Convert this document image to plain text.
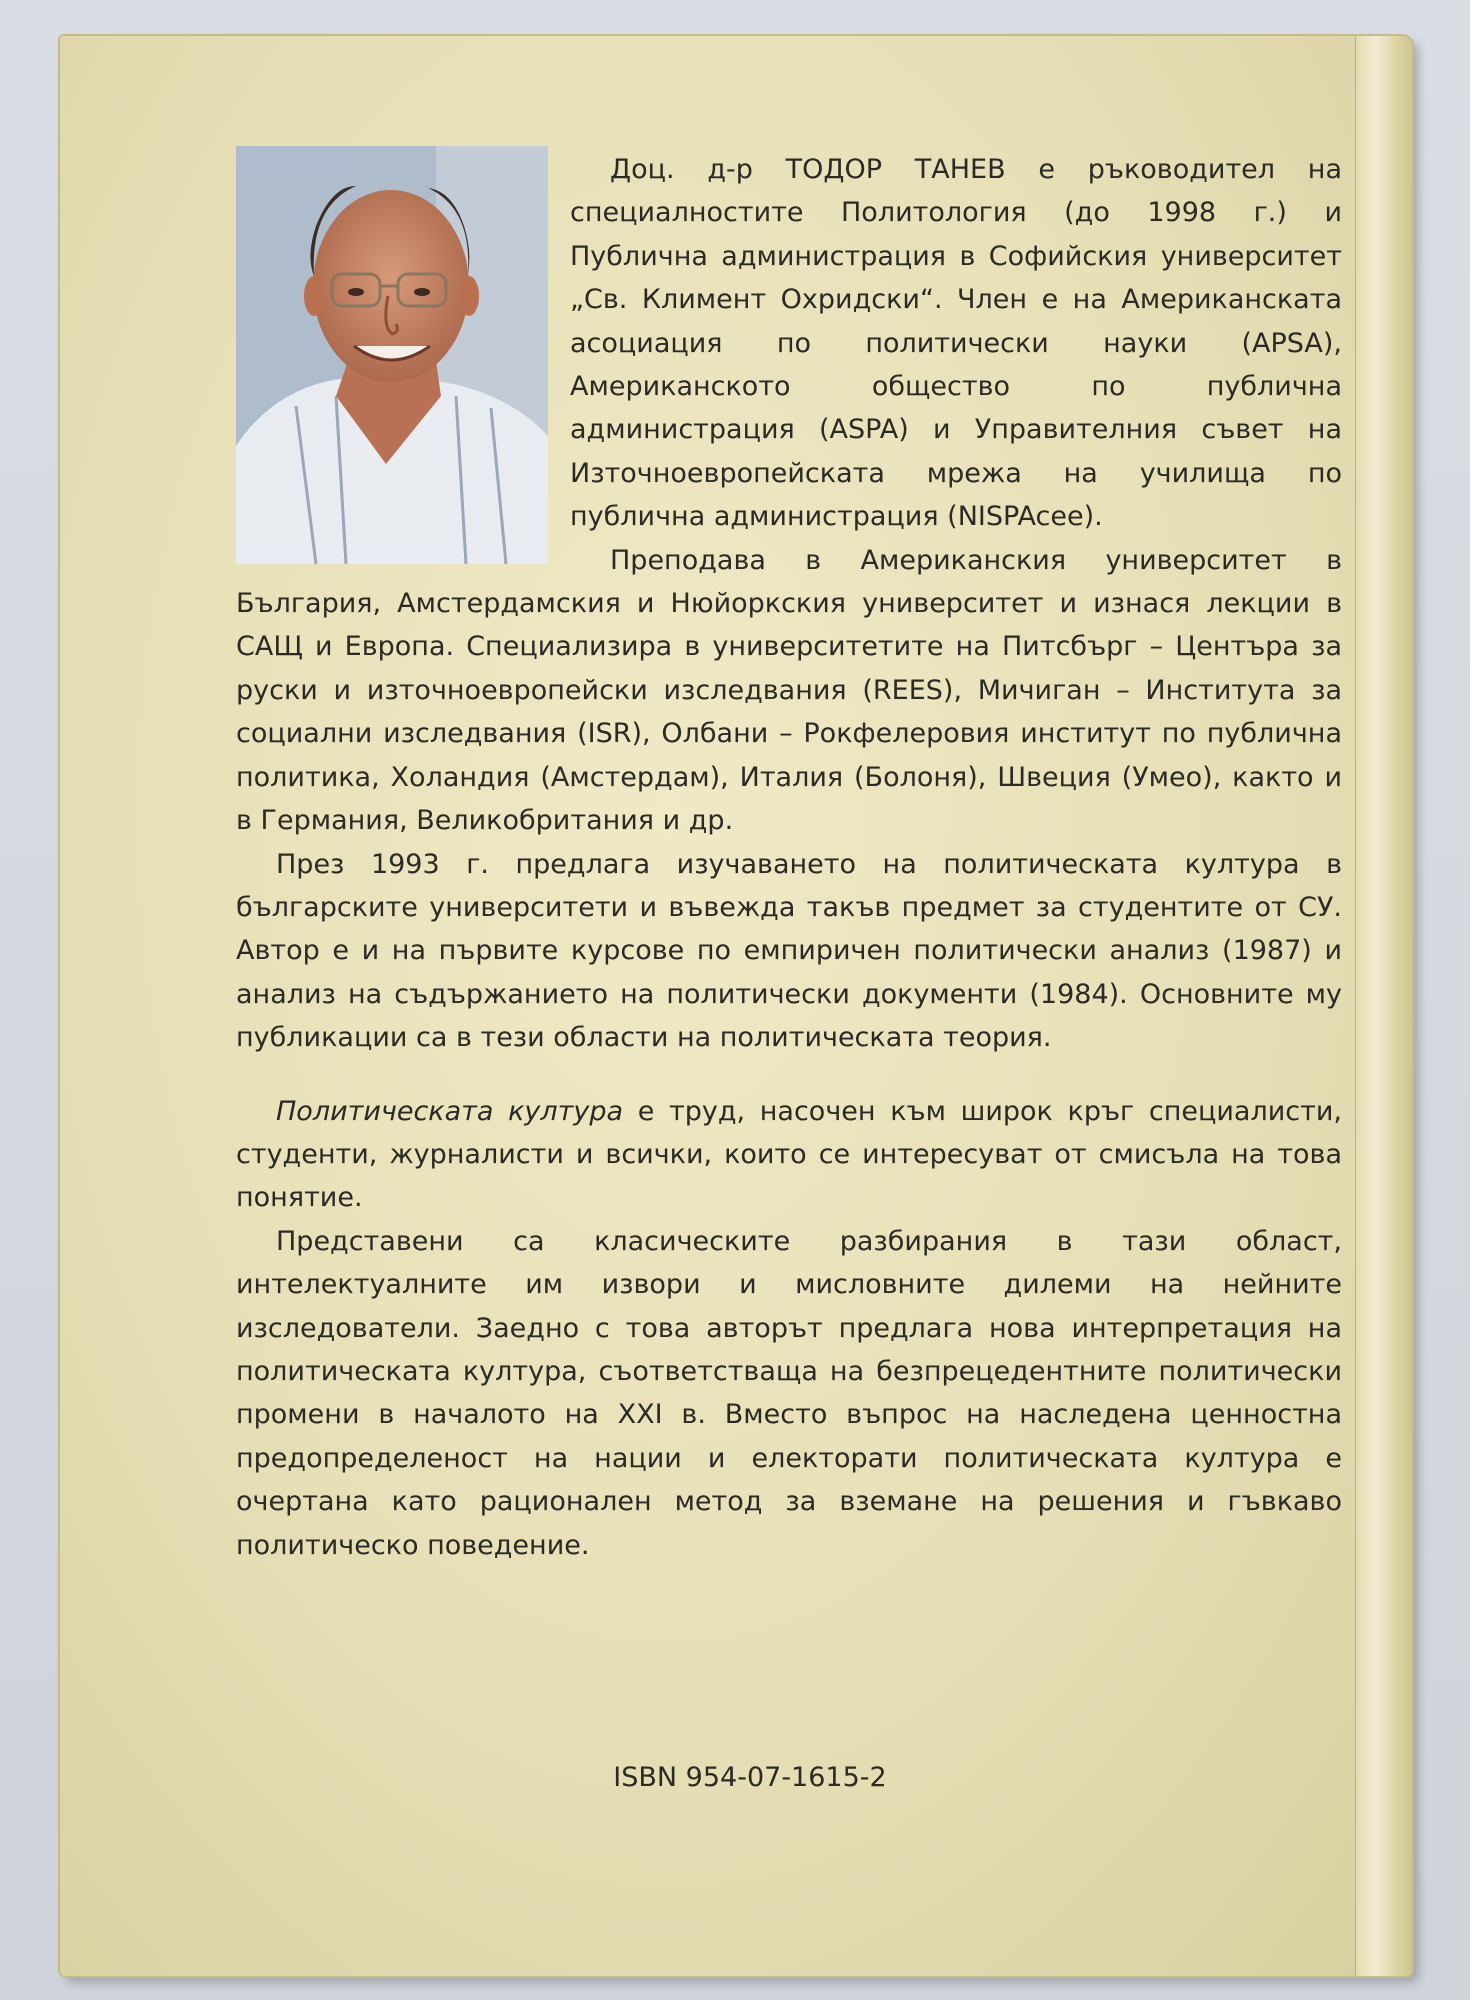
Доц. д-р ТОДОР ТАНЕВ е ръководител на специалностите Политология (до 1998 г.) и Публична администрация в Софийския университет „Св. Климент Охридски“. Член е на Американската асоциация по политически науки (APSA), Американското общество по публична администрация (ASPA) и Управителния съвет на Източноевропейската мрежа на училища по публична администрация (NISPAcee).

Преподава в Американския университет в България, Амстердамския и Нюйоркския университет и изнася лекции в САЩ и Европа. Специализира в университетите на Питсбърг – Центъра за руски и източноевропейски изследвания (REES), Мичиган – Института за социални изследвания (ISR), Олбани – Рокфелеровия институт по публична политика, Холандия (Амстердам), Италия (Болоня), Швеция (Умео), както и в Германия, Великобритания и др.

През 1993 г. предлага изучаването на политическата култура в българските университети и въвежда такъв предмет за студентите от СУ. Автор е и на първите курсове по емпиричен политически анализ (1987) и анализ на съдържанието на политически документи (1984). Основните му публикации са в тези области на политическата теория.

Политическата култура е труд, насочен към широк кръг специалисти, студенти, журналисти и всички, които се интересуват от смисъла на това понятие.

Представени са класическите разбирания в тази област, интелектуалните им извори и мисловните дилеми на нейните изследователи. Заедно с това авторът предлага нова интерпретация на политическата култура, съответстваща на безпрецедентните политически промени в началото на XXI в. Вместо въпрос на наследена ценностна предопределеност на нации и електорати политическата култура е очертана като рационален метод за вземане на решения и гъвкаво политическо поведение.

ISBN 954-07-1615-2
